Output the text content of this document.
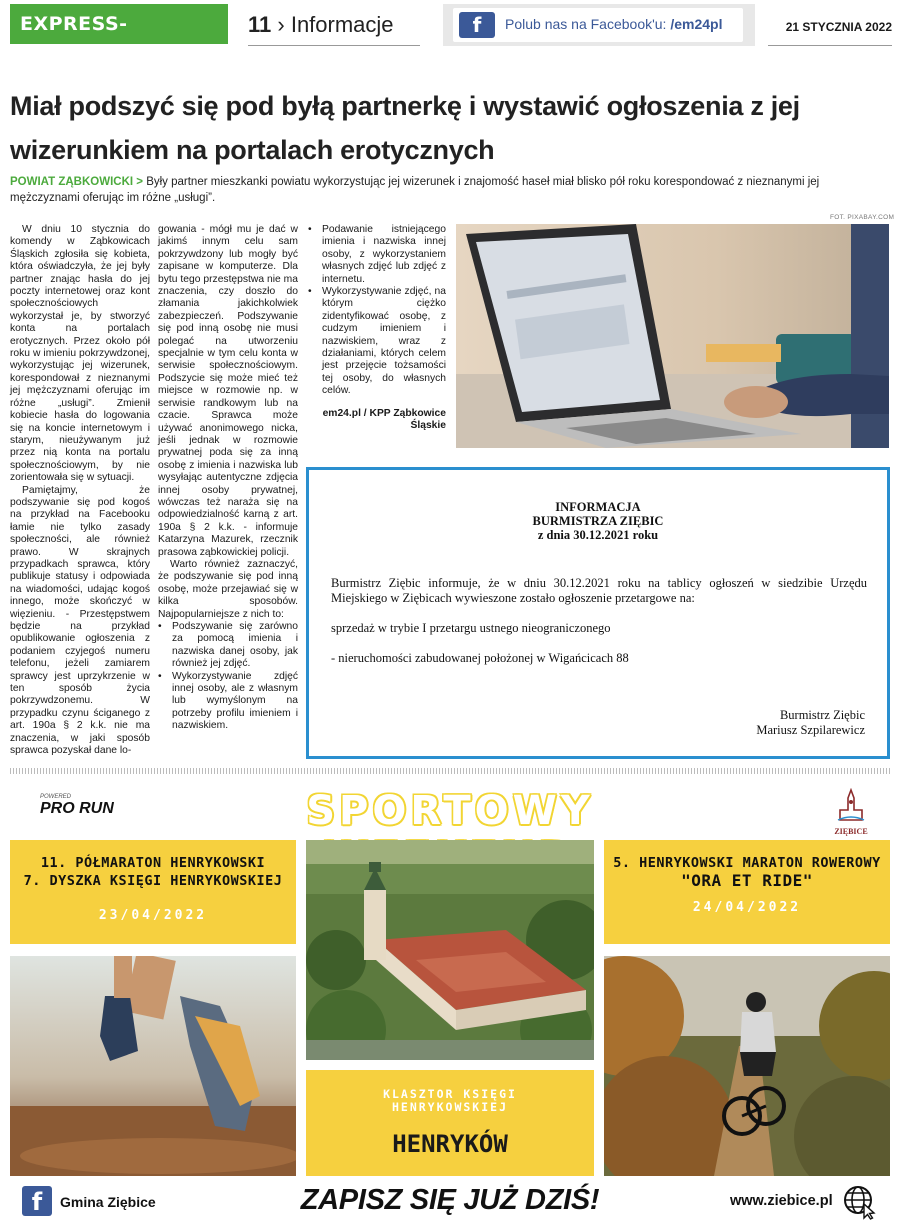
EXPRESS-MIEJSKI.PL
11 › Informacje	f	Polub nas na Facebook'u: /em24pl	21 STYCZNIA 2022
Miał podszyć się pod byłą partnerkę i wystawić ogłoszenia z jej wizerunkiem na portalach erotycznych
POWIAT ZĄBKOWICKI > Były partner mieszkanki powiatu wykorzystując jej wizerunek i znajomość haseł miał blisko pół roku korespondować z nieznanymi jej mężczyznami oferując im różne „usługi”.

W dniu 10 stycznia do komendy w Ząbkowicach Śląskich zgłosiła się kobieta, która oświadczyła, że jej były partner znając hasła do jej poczty internetowej oraz kont społecznościowych wykorzystał je, by stworzyć konta na portalach erotycznych. Przez około pół roku w imieniu pokrzywdzonej, wykorzystując jej wizerunek, korespondował z nieznanymi jej mężczyznami oferując im różne „usługi”. Zmienił kobiecie hasła do logowania się na koncie internetowym i starym, nieużywanym już przez nią konta na portalu społecznościowym, by nie zorientowała się w sytuacji.

Pamiętajmy, że podszywanie się pod kogoś na przykład na Facebooku łamie nie tylko zasady społeczności, ale również prawo. W skrajnych przypadkach sprawca, który publikuje statusy i odpowiada na wiadomości, udając kogoś innego, może skończyć w więzieniu. - Przestępstwem będzie na przykład opublikowanie ogłoszenia z podaniem czyjegoś numeru telefonu, jeżeli zamiarem sprawcy jest uprzykrzenie w ten sposób życia pokrzywdzonemu. W przypadku czynu ściganego z art. 190a § 2 k.k. nie ma znaczenia, w jaki sposób sprawca pozyskał dane lo-

gowania - mógł mu je dać w jakimś innym celu sam pokrzywdzony lub mogły być zapisane w komputerze. Dla bytu tego przestępstwa nie ma znaczenia, czy doszło do złamania jakichkolwiek zabezpieczeń. Podszywanie się pod inną osobę nie musi polegać na utworzeniu specjalnie w tym celu konta w serwisie społecznościowym. Podszycie się może mieć też miejsce w rozmowie np. w serwisie randkowym lub na czacie. Sprawca może używać anonimowego nicka, jeśli jednak w rozmowie prywatnej poda się za inną osobę z imienia i nazwiska lub wysyłając autentyczne zdjęcia innej osoby prywatnej, wówczas też naraża się na odpowiedzialność karną z art. 190a § 2 k.k. - informuje Katarzyna Mazurek, rzecznik prasowa ząbkowickiej policji.

Warto również zaznaczyć, że podszywanie się pod inną osobę, może przejawiać się w kilka sposobów. Najpopularniejsze z nich to:

• Podszywanie się zarówno za pomocą imienia i nazwiska danej osoby, jak również jej zdjęć.
• Wykorzystywanie zdjęć innej osoby, ale z własnym lub wymyślonym na potrzeby profilu imieniem i nazwiskiem.
• Podawanie istniejącego imienia i nazwiska innej osoby, z wykorzystaniem własnych zdjęć lub zdjęć z internetu.
• Wykorzystywanie zdjęć, na którym ciężko zidentyfikować osobę, z cudzym imieniem i nazwiskiem, wraz z działaniami, których celem jest przejęcie tożsamości tej osoby, do własnych celów.
em24.pl / KPP Ząbkowice Śląskie
FOT. PIXABAY.COM
INFORMACJA
BURMISTRZA ZIĘBIC
z dnia 30.12.2021 roku

Burmistrz Ziębic informuje, że w dniu 30.12.2021 roku na tablicy ogłoszeń w siedzibie Urzędu Miejskiego w Ziębicach wywieszone zostało ogłoszenie przetargowe na:

sprzedaż w trybie I przetargu ustnego nieograniczonego

- nieruchomości zabudowanej położonej w Wigańcicach 88

Burmistrz Ziębic
Mariusz Szpilarewicz
POWERED
PRO RUN	SPORTOWY	ZIĘBICE
11. PÓŁMARATON HENRYKOWSKI
7. DYSZKA KSIĘGI HENRYKOWSKIEJ
23/04/2022
5. HENRYKOWSKI MARATON ROWEROWY
"ORA ET RIDE"
24/04/2022
KLASZTOR KSIĘGI
HENRYKOWSKIEJ
HENRYKÓW
f	Gmina Ziębice	ZAPISZ SIĘ JUŻ DZIŚ!	www.ziebice.pl
